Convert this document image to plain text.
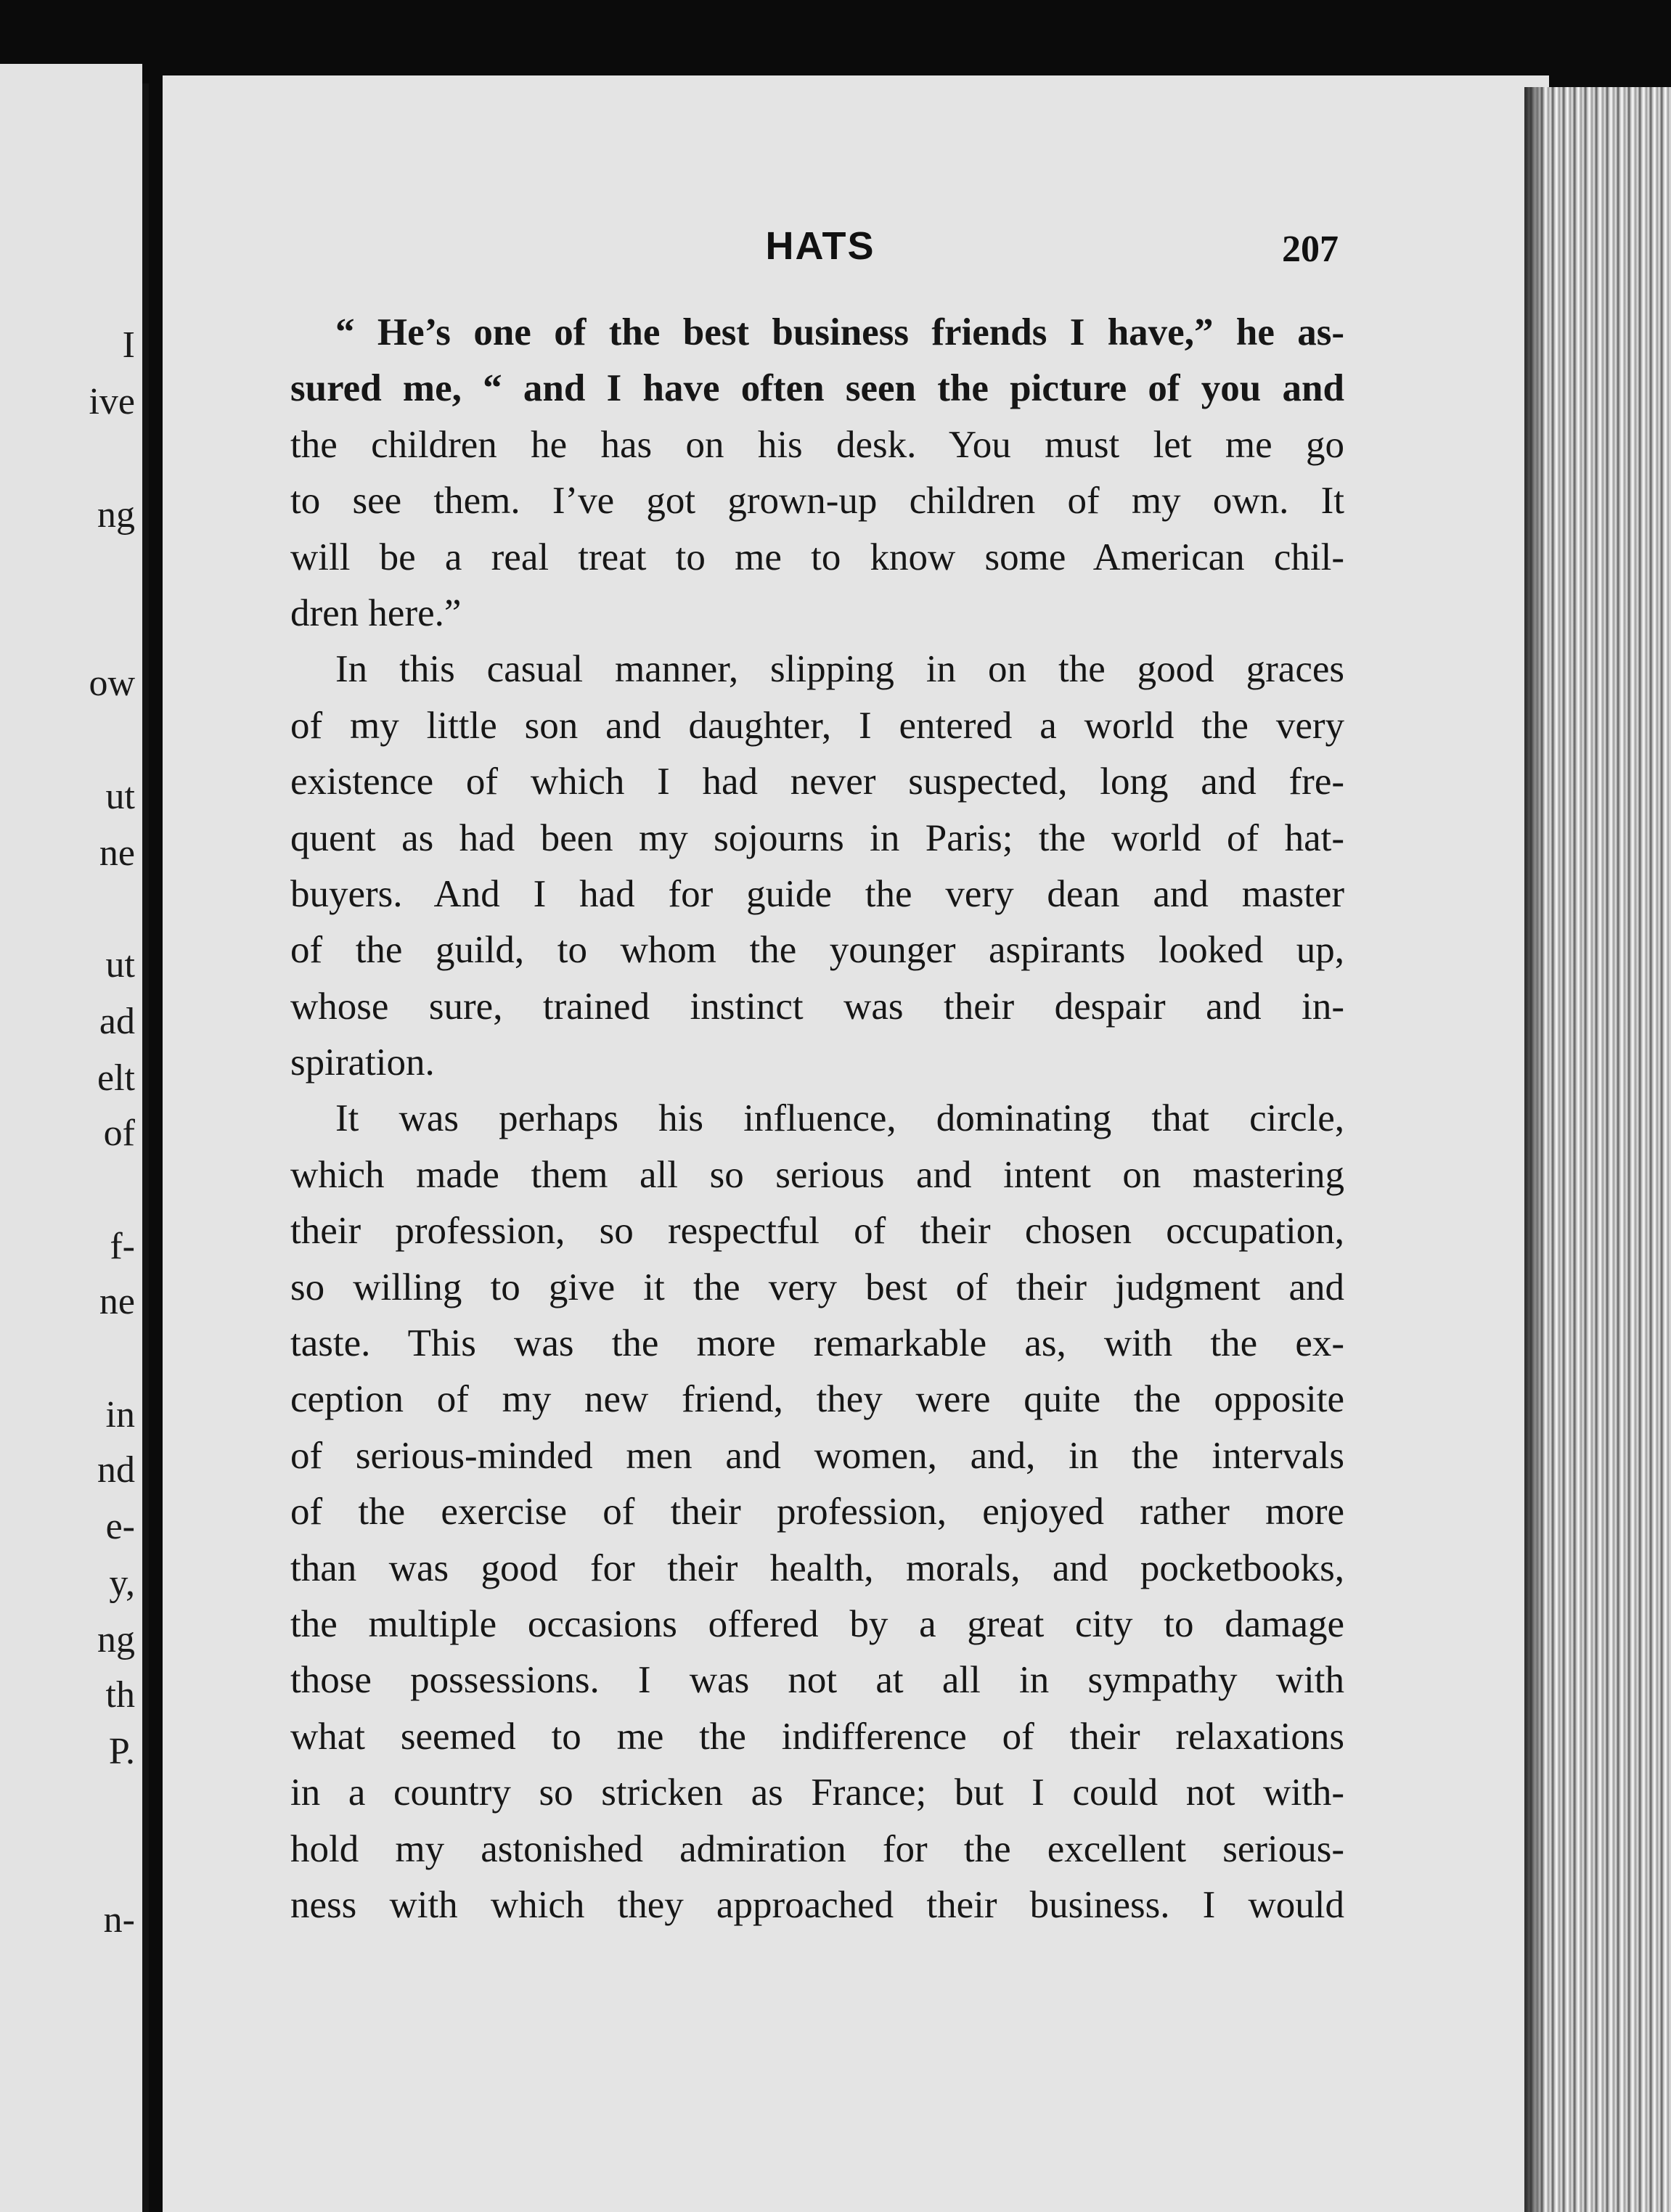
I
ive
ng
ow
ut
ne
ut
ad
elt
of
f-
ne
in
nd
e-
y,
ng
th
P.
n-
HATS	207
“ He’s one of the best business friends I have,” he as-
sured me, “ and I have often seen the picture of you and
the children he has on his desk. You must let me go
to see them. I’ve got grown-up children of my own. It
will be a real treat to me to know some American chil-
dren here.”
In this casual manner, slipping in on the good graces
of my little son and daughter, I entered a world the very
existence of which I had never suspected, long and fre-
quent as had been my sojourns in Paris; the world of hat-
buyers. And I had for guide the very dean and master
of the guild, to whom the younger aspirants looked up,
whose sure, trained instinct was their despair and in-
spiration.
It was perhaps his influence, dominating that circle,
which made them all so serious and intent on mastering
their profession, so respectful of their chosen occupation,
so willing to give it the very best of their judgment and
taste. This was the more remarkable as, with the ex-
ception of my new friend, they were quite the opposite
of serious-minded men and women, and, in the intervals
of the exercise of their profession, enjoyed rather more
than was good for their health, morals, and pocketbooks,
the multiple occasions offered by a great city to damage
those possessions. I was not at all in sympathy with
what seemed to me the indifference of their relaxations
in a country so stricken as France; but I could not with-
hold my astonished admiration for the excellent serious-
ness with which they approached their business. I would
